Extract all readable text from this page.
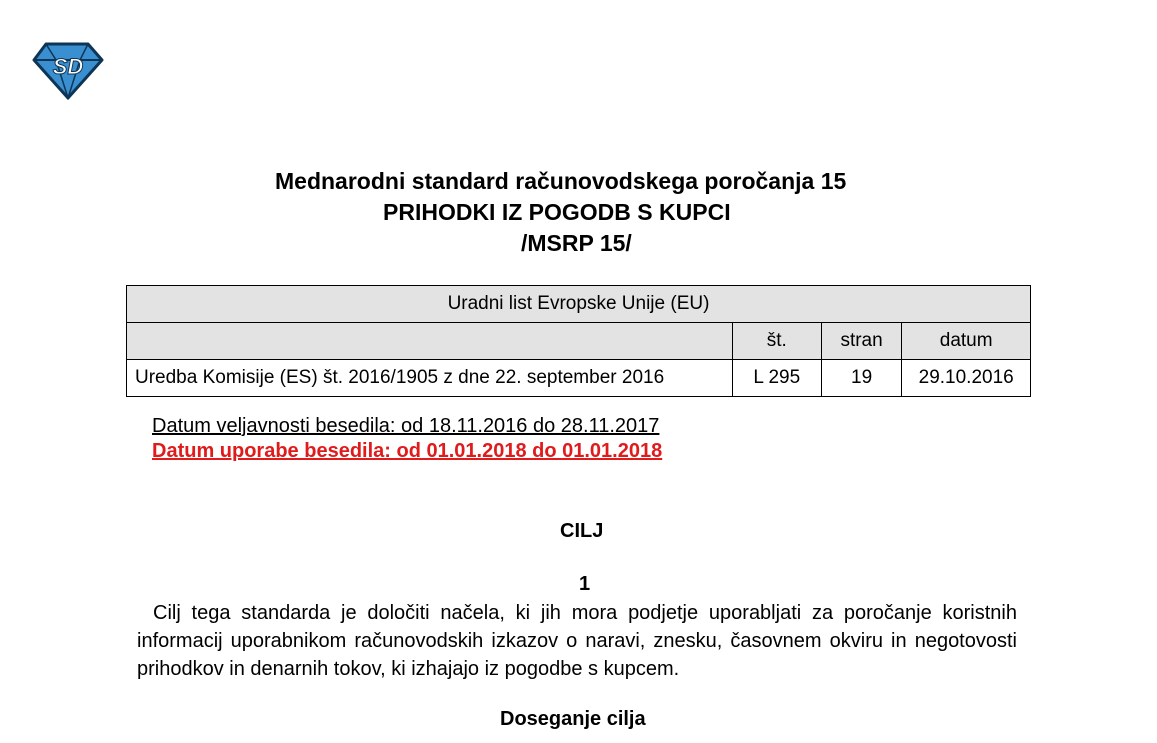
SD
Mednarodni standard računovodskega poročanja 15
PRIHODKI IZ POGODB S KUPCI
/MSRP 15/
Uradni list Evropske Unije (EU)			
	št.	stran	datum
Uredba Komisije (ES) št. 2016/1905 z dne 22. september 2016	L 295	19	29.10.2016
Datum veljavnosti besedila: od 18.11.2016 do 28.11.2017
Datum uporabe besedila: od 01.01.2018 do 01.01.2018
CILJ
1
Cilj tega standarda je določiti načela, ki jih mora podjetje uporabljati za poročanje koristnih informacij uporabnikom računovodskih izkazov o naravi, znesku, časovnem okviru in negotovosti prihodkov in denarnih tokov, ki izhajajo iz pogodbe s kupcem.
Doseganje cilja
